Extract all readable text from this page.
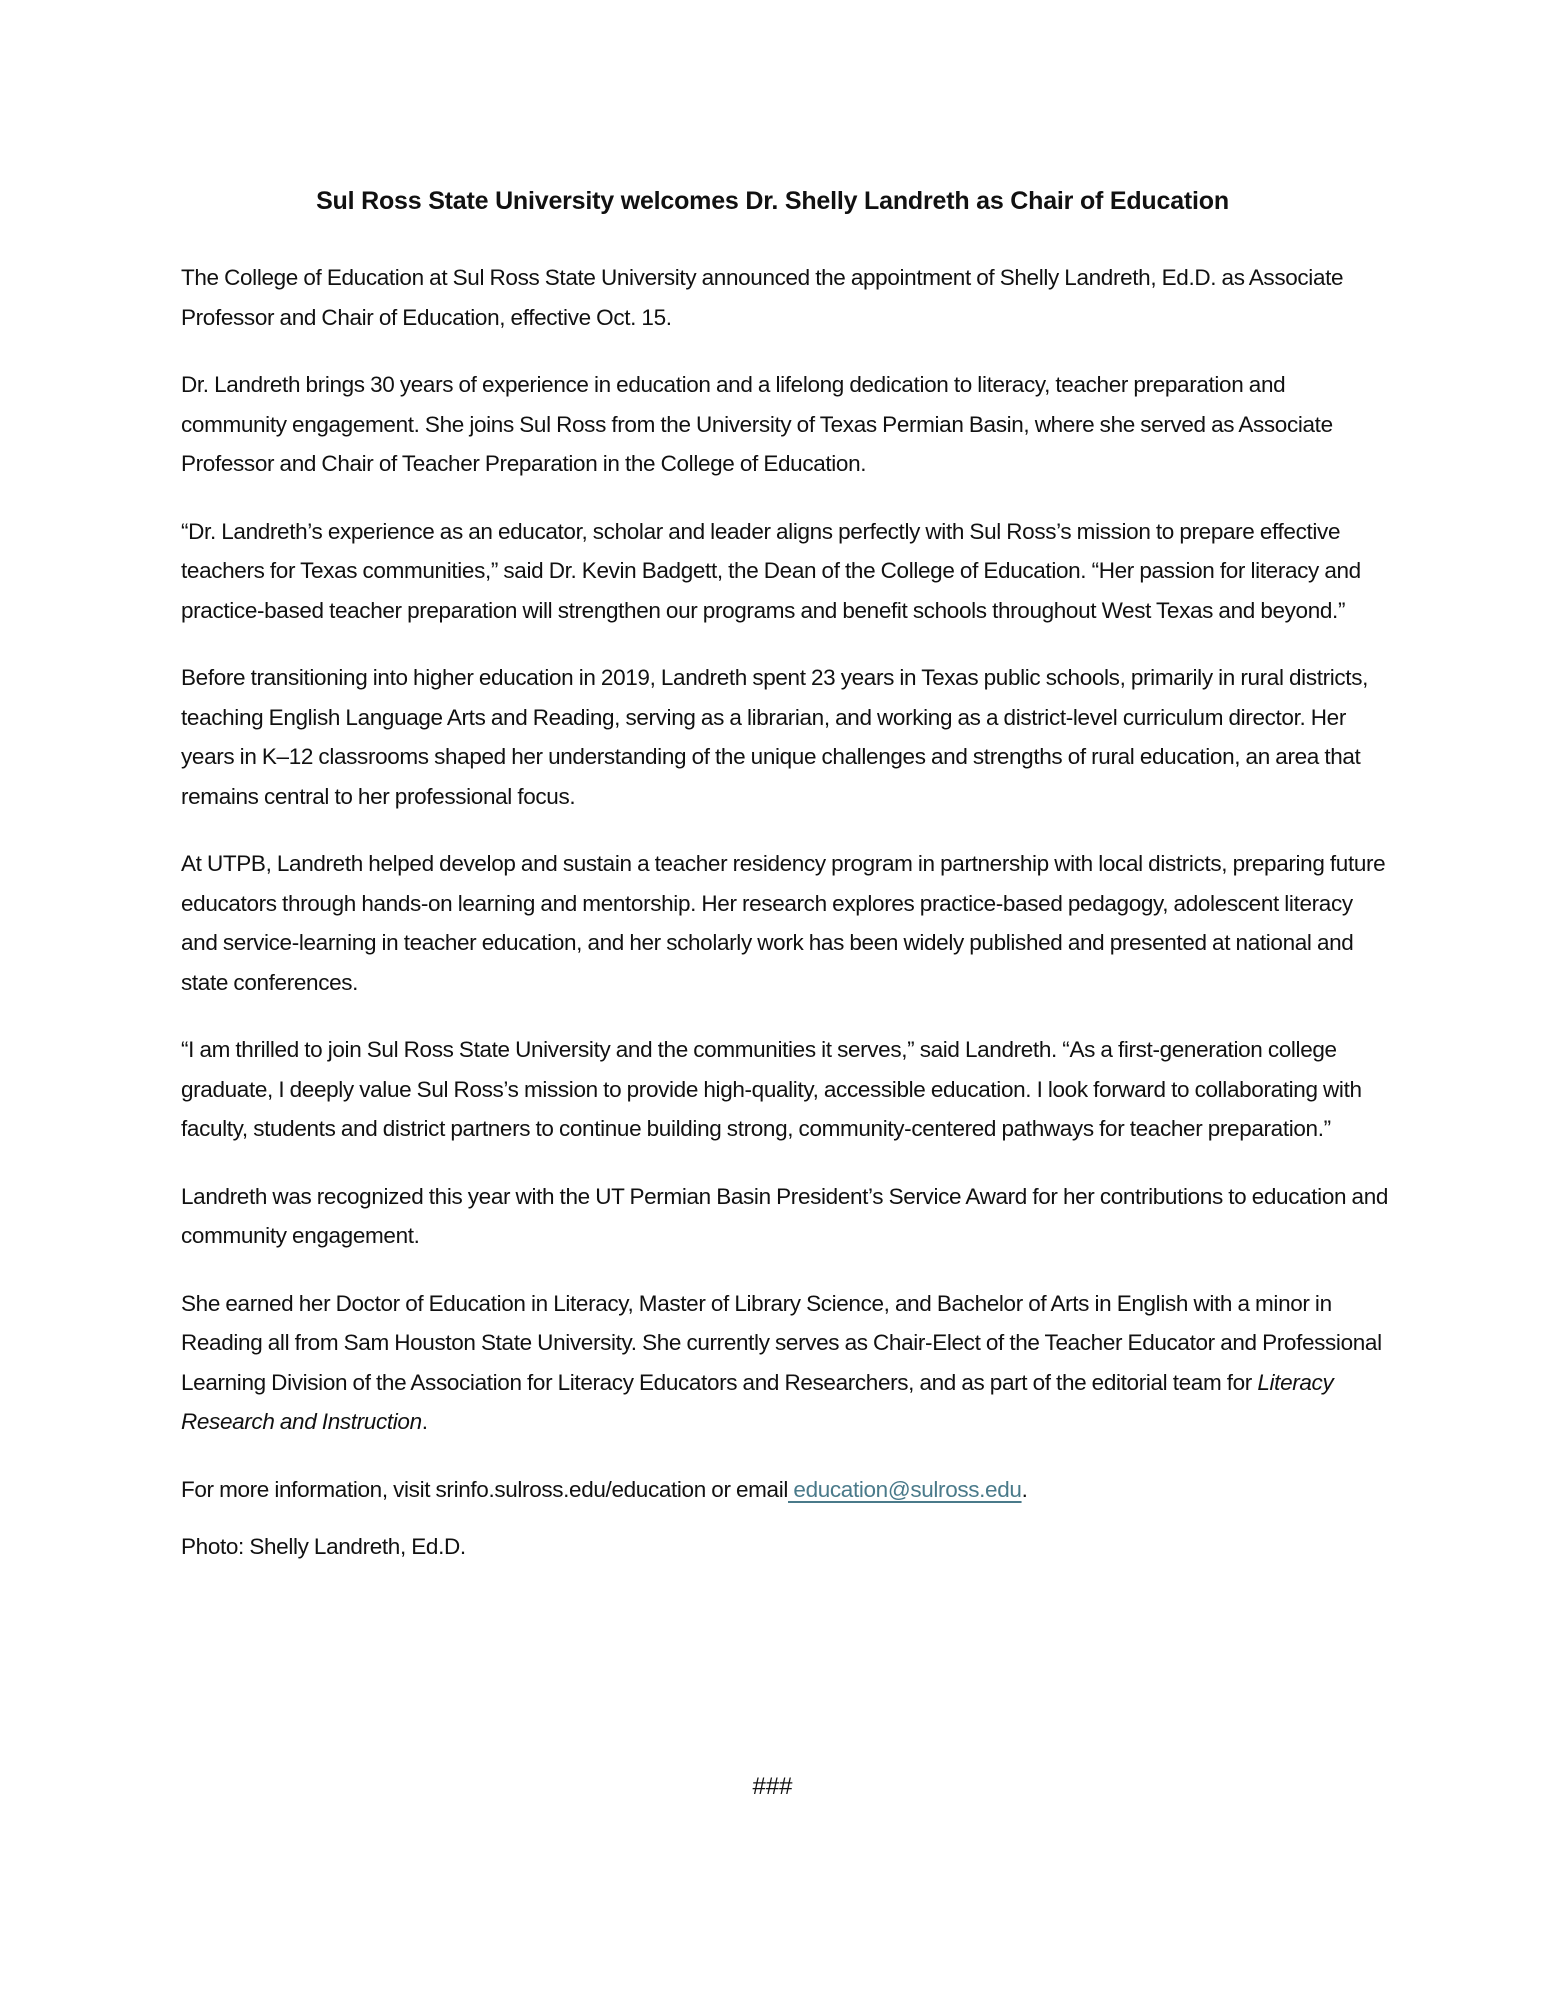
Sul Ross State University welcomes Dr. Shelly Landreth as Chair of Education

The College of Education at Sul Ross State University announced the appointment of Shelly Landreth, Ed.D. as Associate Professor and Chair of Education, effective Oct. 15.

Dr. Landreth brings 30 years of experience in education and a lifelong dedication to literacy, teacher preparation and community engagement. She joins Sul Ross from the University of Texas Permian Basin, where she served as Associate Professor and Chair of Teacher Preparation in the College of Education.

“Dr. Landreth’s experience as an educator, scholar and leader aligns perfectly with Sul Ross’s mission to prepare effective teachers for Texas communities,” said Dr. Kevin Badgett, the Dean of the College of Education. “Her passion for literacy and practice-based teacher preparation will strengthen our programs and benefit schools throughout West Texas and beyond.”

Before transitioning into higher education in 2019, Landreth spent 23 years in Texas public schools, primarily in rural districts, teaching English Language Arts and Reading, serving as a librarian, and working as a district-level curriculum director. Her years in K–12 classrooms shaped her understanding of the unique challenges and strengths of rural education, an area that remains central to her professional focus.

At UTPB, Landreth helped develop and sustain a teacher residency program in partnership with local districts, preparing future educators through hands-on learning and mentorship. Her research explores practice-based pedagogy, adolescent literacy and service-learning in teacher education, and her scholarly work has been widely published and presented at national and state conferences.

“I am thrilled to join Sul Ross State University and the communities it serves,” said Landreth. “As a first-generation college graduate, I deeply value Sul Ross’s mission to provide high-quality, accessible education. I look forward to collaborating with faculty, students and district partners to continue building strong, community-centered pathways for teacher preparation.”

Landreth was recognized this year with the UT Permian Basin President’s Service Award for her contributions to education and community engagement.

She earned her Doctor of Education in Literacy, Master of Library Science, and Bachelor of Arts in English with a minor in Reading all from Sam Houston State University. She currently serves as Chair-Elect of the Teacher Educator and Professional Learning Division of the Association for Literacy Educators and Researchers, and as part of the editorial team for Literacy Research and Instruction.

For more information, visit srinfo.sulross.edu/education or email education@sulross.edu.

Photo: Shelly Landreth, Ed.D.

###
